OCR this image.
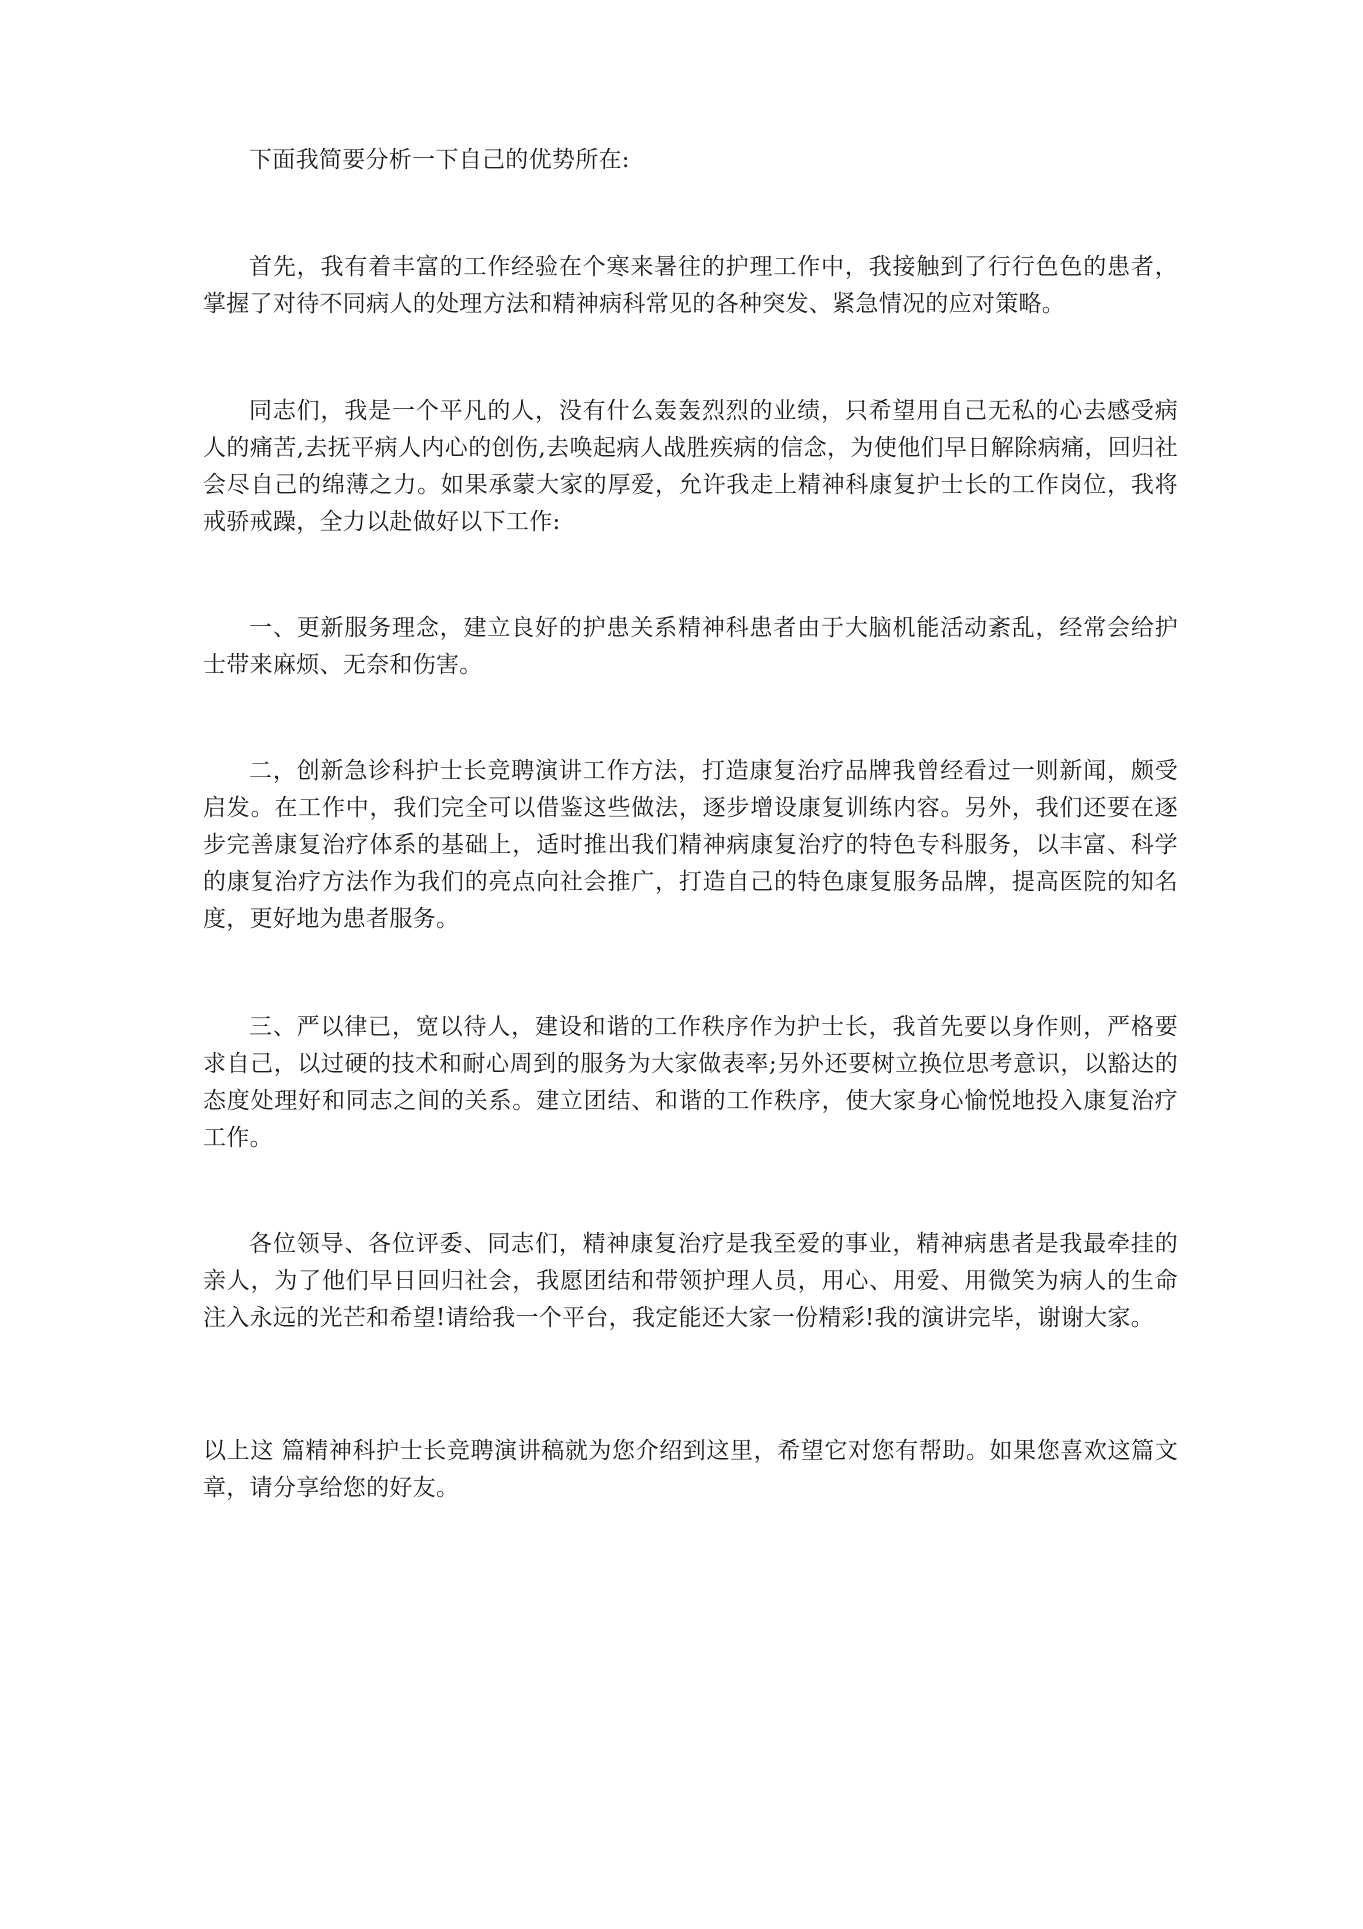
下面我简要分析一下自己的优势所在:

首先，我有着丰富的工作经验在个寒来暑往的护理工作中，我接触到了行行色色的患者，掌握了对待不同病人的处理方法和精神病科常见的各种突发、紧急情况的应对策略。

同志们，我是一个平凡的人，没有什么轰轰烈烈的业绩，只希望用自己无私的心去感受病人的痛苦,去抚平病人内心的创伤,去唤起病人战胜疾病的信念，为使他们早日解除病痛，回归社会尽自己的绵薄之力。如果承蒙大家的厚爱，允许我走上精神科康复护士长的工作岗位，我将戒骄戒躁，全力以赴做好以下工作:

一、更新服务理念，建立良好的护患关系精神科患者由于大脑机能活动紊乱，经常会给护士带来麻烦、无奈和伤害。

二，创新急诊科护士长竞聘演讲工作方法，打造康复治疗品牌我曾经看过一则新闻，颇受启发。在工作中，我们完全可以借鉴这些做法，逐步增设康复训练内容。另外，我们还要在逐步完善康复治疗体系的基础上，适时推出我们精神病康复治疗的特色专科服务，以丰富、科学的康复治疗方法作为我们的亮点向社会推广，打造自己的特色康复服务品牌，提高医院的知名度，更好地为患者服务。

三、严以律已，宽以待人，建设和谐的工作秩序作为护士长，我首先要以身作则，严格要求自己，以过硬的技术和耐心周到的服务为大家做表率;另外还要树立换位思考意识，以豁达的态度处理好和同志之间的关系。建立团结、和谐的工作秩序，使大家身心愉悦地投入康复治疗工作。

各位领导、各位评委、同志们，精神康复治疗是我至爱的事业，精神病患者是我最牵挂的亲人，为了他们早日回归社会，我愿团结和带领护理人员，用心、用爱、用微笑为病人的生命注入永远的光芒和希望!请给我一个平台，我定能还大家一份精彩!我的演讲完毕，谢谢大家。

以上这 篇精神科护士长竞聘演讲稿就为您介绍到这里，希望它对您有帮助。如果您喜欢这篇文章，请分享给您的好友。
